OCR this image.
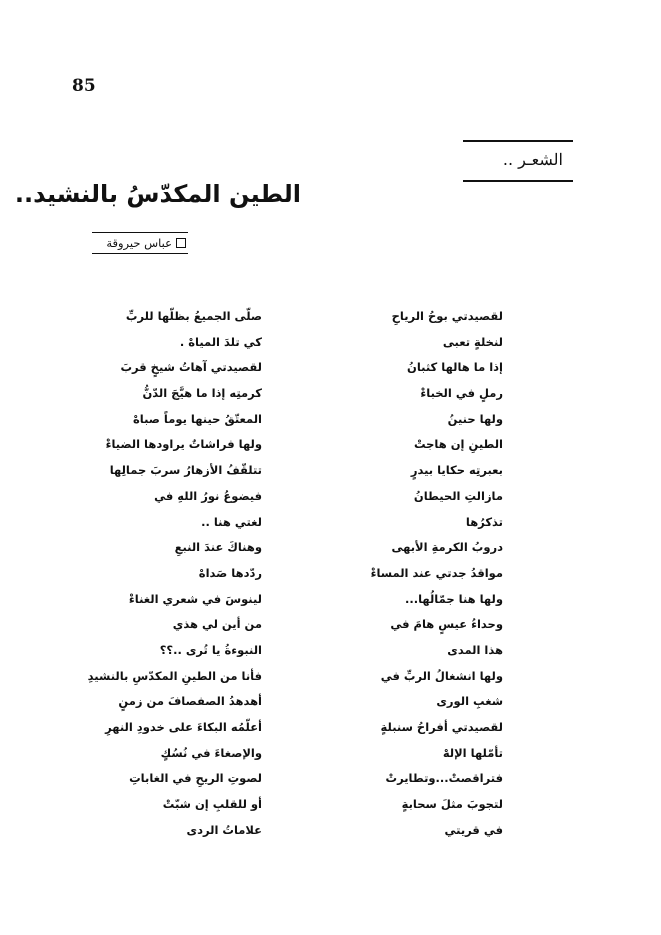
85
الشعـر ..
الطين المكدّسُ بالنشيد..
عباس حيروقة
لقصيدتي بوحُ الرياحِ
لنخلةٍ تعبى
إذا ما هالها كثبانُ
رملٍ في الخباءْ
ولها حنينُ
الطينِ إن هاجتْ
بعبرتِه حكايا بيدرٍ
مازالتِ الحيطانُ
تذكرُها
دروبُ الكرمةِ الأبهى
مواقدُ جدتي عند المساءْ
ولها هنا جمّالُها...
وحداءُ عيسٍ هامَ في
هذا المدى
ولها انشغالُ الربِّ في
شغبِ الورى
لقصيدتي أفراحُ سنبلةٍ
تأمّلها الإلهْ
فتراقصتْ...وتطايرتْ
لتجوبَ مثلَ سحابةٍ
في قريتي
صلّى الجميعُ بظلّها للربِّ
كي تلدَ المياهْ .
لقصيدتي آهاتُ شيخٍ قربَ
كرمتِه إذا ما هيَّجَ الدّنُّ
المعتّقُ حينها يوماً صباهْ
ولها فراشاتٌ يراودها الضياءْ
تتلقّفُ الأزهارُ سربَ جمالِها
فيضوعُ نورُ اللهِ في
لغتي هنا ..
وهناكَ عندَ النبعِ
ردّدها صَداهْ
لينوسَ في شعري الغناءْ
من أين لي هذي
النبوءةُ يا تُرى ..؟؟
فأنا من الطينِ المكدّسِ بالنشيدِ
أهدهدُ الصفصافَ من زمنٍ
أعلّمُه البكاءَ على خدودِ النهرِ
والإصغاءَ في نُسُكٍ
لصوتِ الريحِ في الغاباتِ
أو للقلبِ إن شبّتْ
علاماتُ الردى
